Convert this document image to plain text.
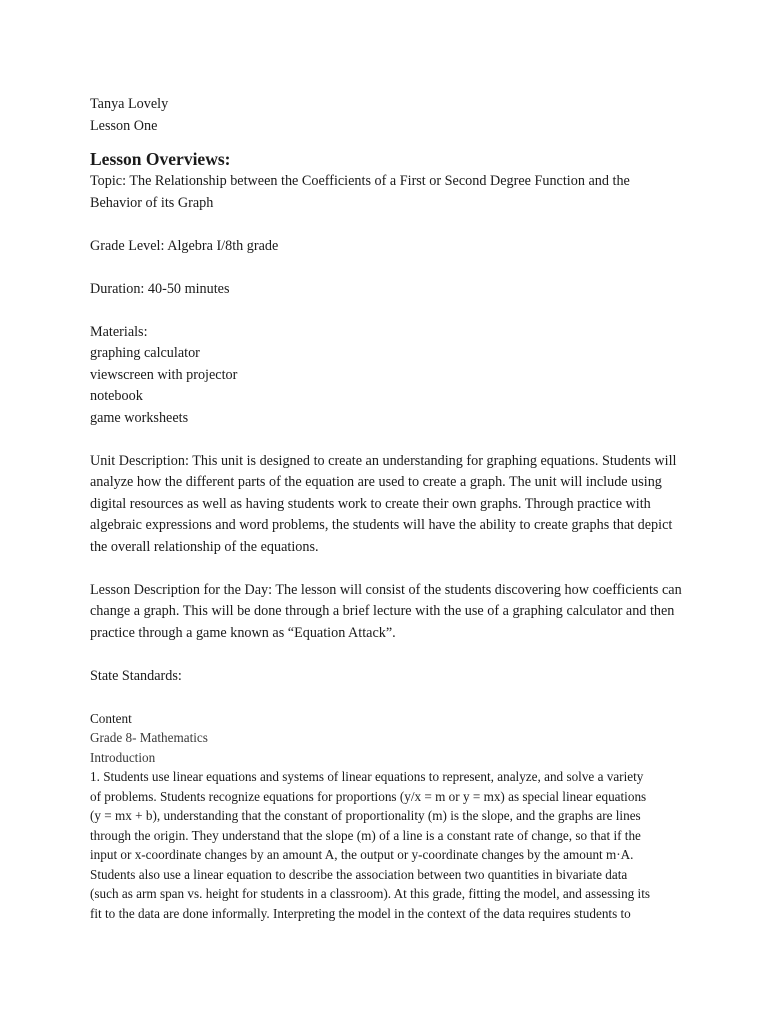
Tanya Lovely
Lesson One
Lesson Overviews:
Topic: The Relationship between the Coefficients of a First or Second Degree Function and the
Behavior of its Graph
Grade Level: Algebra I/8th grade
Duration: 40-50 minutes
Materials:
graphing calculator
viewscreen with projector
notebook
game worksheets
Unit Description: This unit is designed to create an understanding for graphing equations. Students will
analyze how the different parts of the equation are used to create a graph. The unit will include using
digital resources as well as having students work to create their own graphs. Through practice with
algebraic expressions and word problems, the students will have the ability to create graphs that depict
the overall relationship of the equations.
Lesson Description for the Day: The lesson will consist of the students discovering how coefficients can
change a graph. This will be done through a brief lecture with the use of a graphing calculator and then
practice through a game known as “Equation Attack”.
State Standards:
Content
Grade 8- Mathematics
Introduction
1. Students use linear equations and systems of linear equations to represent, analyze, and solve a variety
of problems. Students recognize equations for proportions (y/x = m or y = mx) as special linear equations
(y = mx + b), understanding that the constant of proportionality (m) is the slope, and the graphs are lines
through the origin. They understand that the slope (m) of a line is a constant rate of change, so that if the
input or x-coordinate changes by an amount A, the output or y-coordinate changes by the amount m·A.
Students also use a linear equation to describe the association between two quantities in bivariate data
(such as arm span vs. height for students in a classroom). At this grade, fitting the model, and assessing its
fit to the data are done informally. Interpreting the model in the context of the data requires students to
